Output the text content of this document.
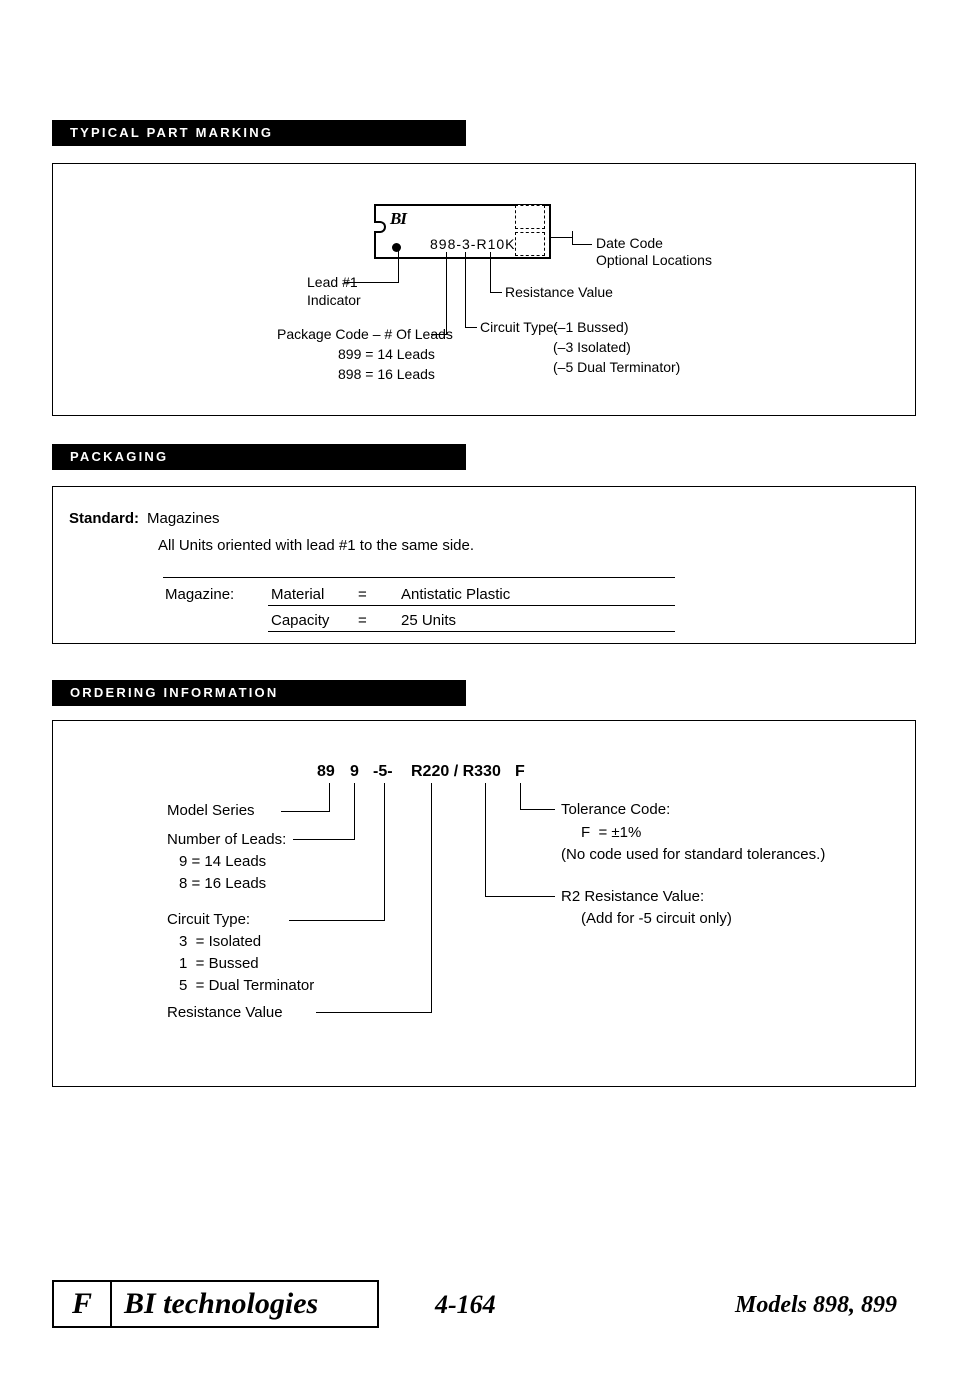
TYPICAL PART MARKING
BI
898-3-R10K	Date Code
Optional Locations
Resistance Value
Circuit Type:
(–1 Bussed)
(–3 Isolated)
(–5 Dual Terminator)
Package Code – # Of Leads
899 = 14 Leads
898 = 16 Leads
Lead #1
Indicator
PACKAGING
Standard: Magazines
All Units oriented with lead #1 to the same side.
Magazine: Material = Antistatic Plastic
Capacity = 25 Units
ORDERING INFORMATION
89 9 -5- R220 / R330 F
Model Series
Number of Leads:
9 = 14 Leads
8 = 16 Leads
Circuit Type:
3  = Isolated
1  = Bussed
5  = Dual Terminator
Resistance Value
Tolerance Code:
F  = ±1%
(No code used for standard tolerances.)
R2 Resistance Value:
(Add for -5 circuit only)
F	BI technologies	4-164	Models 898, 899
